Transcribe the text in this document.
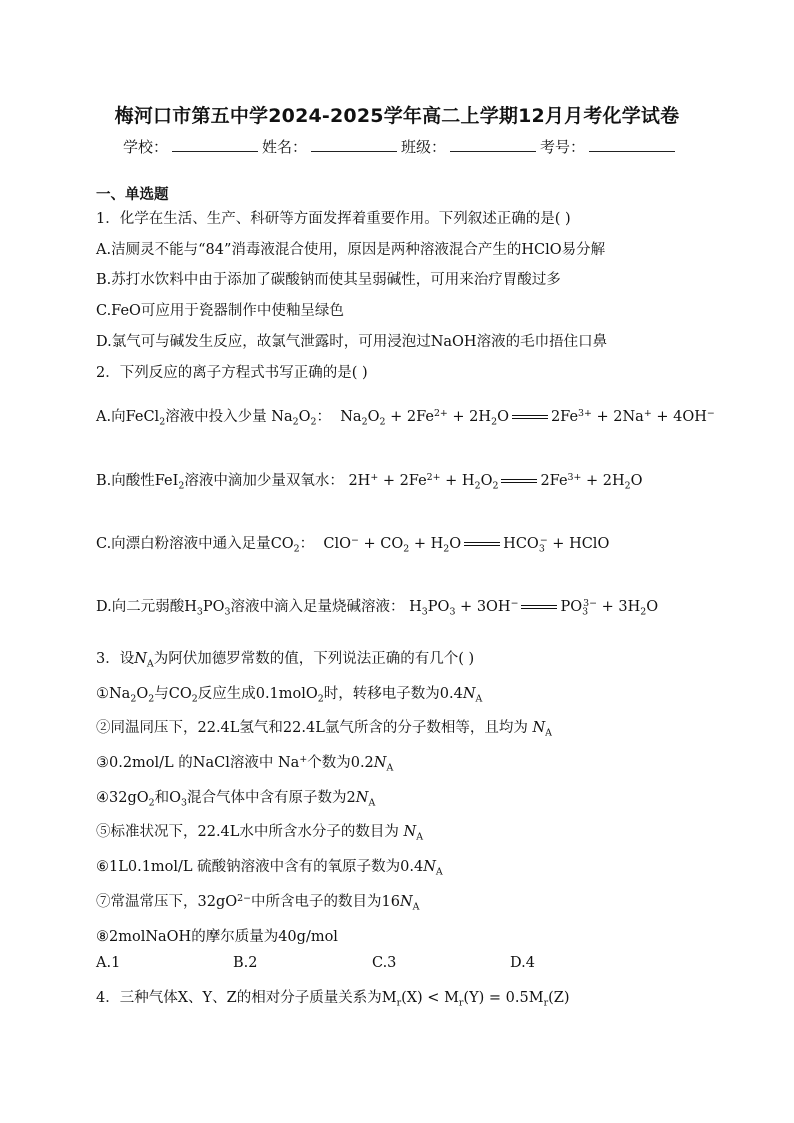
梅河口市第五中学2024-2025学年高二上学期12月月考化学试卷
学校：	姓名：	班级：	考号：
一、单选题
1．化学在生活、生产、科研等方面发挥着重要作用。下列叙述正确的是( )
A.洁厕灵不能与“84”消毒液混合使用，原因是两种溶液混合产生的HClO易分解
B.苏打水饮料中由于添加了碳酸钠而使其呈弱碱性，可用来治疗胃酸过多
C.FeO可应用于瓷器制作中使釉呈绿色
D.氯气可与碱发生反应，故氯气泄露时，可用浸泡过NaOH溶液的毛巾捂住口鼻
2．下列反应的离子方程式书写正确的是( )
A.向FeCl$_2$溶液中投入少量 $Na_2O_2$：  $Na_2O_2 + 2Fe^{2+} + 2H_2O$	$2Fe^{3+} + 2Na^+ + 4OH^-$
B.向酸性FeI$_2$溶液中滴加少量双氧水： $2H^+ + 2Fe^{2+} + H_2O_2$	$2Fe^{3+} + 2H_2O$
C.向漂白粉溶液中通入足量$CO_2$：  $ClO^- + CO_2 + H_2O$	$HCO_3^-$ + HClO
D.向二元弱酸$H_3PO_3$溶液中滴入足量烧碱溶液： $H_3PO_3 + 3OH^-$	$PO_3^{3-} + 3H_2O$
3．设$N_A$为阿伏加德罗常数的值，下列说法正确的有几个( )
$①Na_2O_2$与$CO_2$反应生成0.1molO$_2$时，转移电子数为$0.4N_A$
②同温同压下，22.4L氢气和22.4L氩气所含的分子数相等，且均为 $N_A$
③0.2mol/L 的NaCl溶液中 Na+个数为$0.2N_A$
$④32gO_2$和$O_3$混合气体中含有原子数为$2N_A$
⑤标准状况下，22.4L水中所含水分子的数目为 $N_A$
⑥1L0.1mol/L 硫酸钠溶液中含有的氧原子数为$0.4N_A$
⑦常温常压下，$32gO^{2-}$中所含电子的数目为$16N_A$
⑧2molNaOH的摩尔质量为40g/mol
A.1	B.2	C.3	D.4
4．三种气体X、Y、Z的相对分子质量关系为$M_r(X) < M_r(Y) = 0.5M_r(Z)$
